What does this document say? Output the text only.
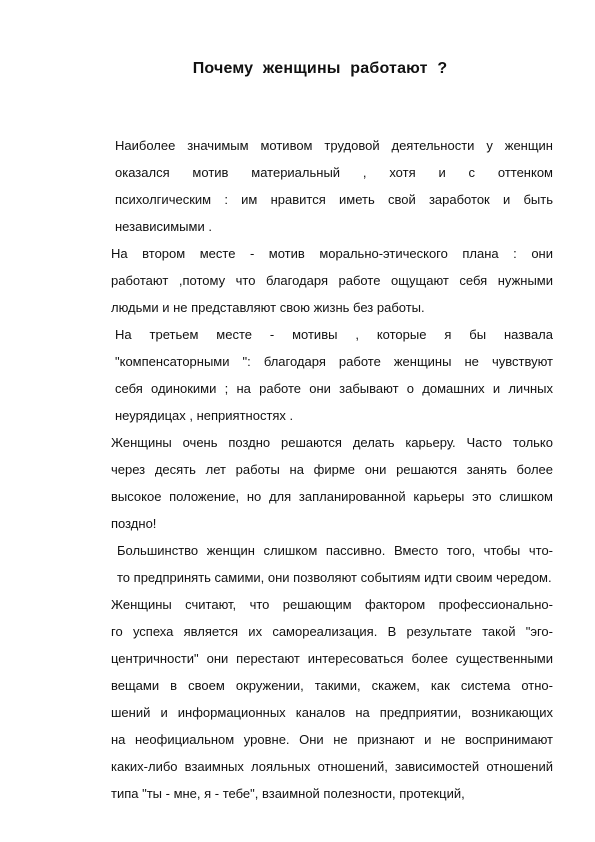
Почему женщины работают ?
Наиболее значимым мотивом трудовой деятельности у женщин
оказался мотив материальный , хотя и с оттенком
психолгическим : им нравится иметь свой заработок и быть
независимыми .
На втором месте - мотив морально-этического плана : они
работают ,потому что благодаря работе ощущают себя нужными
людьми и не представляют свою жизнь без работы.
На третьем месте - мотивы , которые я бы назвала
"компенсаторными ": благодаря работе женщины не чувствуют
себя одинокими ; на работе они забывают о домашних и личных
неурядицах , неприятностях .
Женщины очень поздно решаются делать карьеру. Часто только
через десять лет работы на фирме они решаются занять более
высокое положение, но для запланированной карьеры это слишком
поздно!
Большинство женщин слишком пассивно. Вместо того, чтобы что-
то предпринять самими, они позволяют событиям идти своим чередом.
Женщины считают, что решающим фактором профессионально-
го успеха является их самореализация. В результате такой "эго-
центричности" они перестают интересоваться более существенными
вещами в своем окружении, такими, скажем, как система отно-
шений и информационных каналов на предприятии, возникающих
на неофициальном уровне. Они не признают и не воспринимают
каких-либо взаимных лояльных отношений, зависимостей отношений
типа "ты - мне, я - тебе", взаимной полезности, протекций,
